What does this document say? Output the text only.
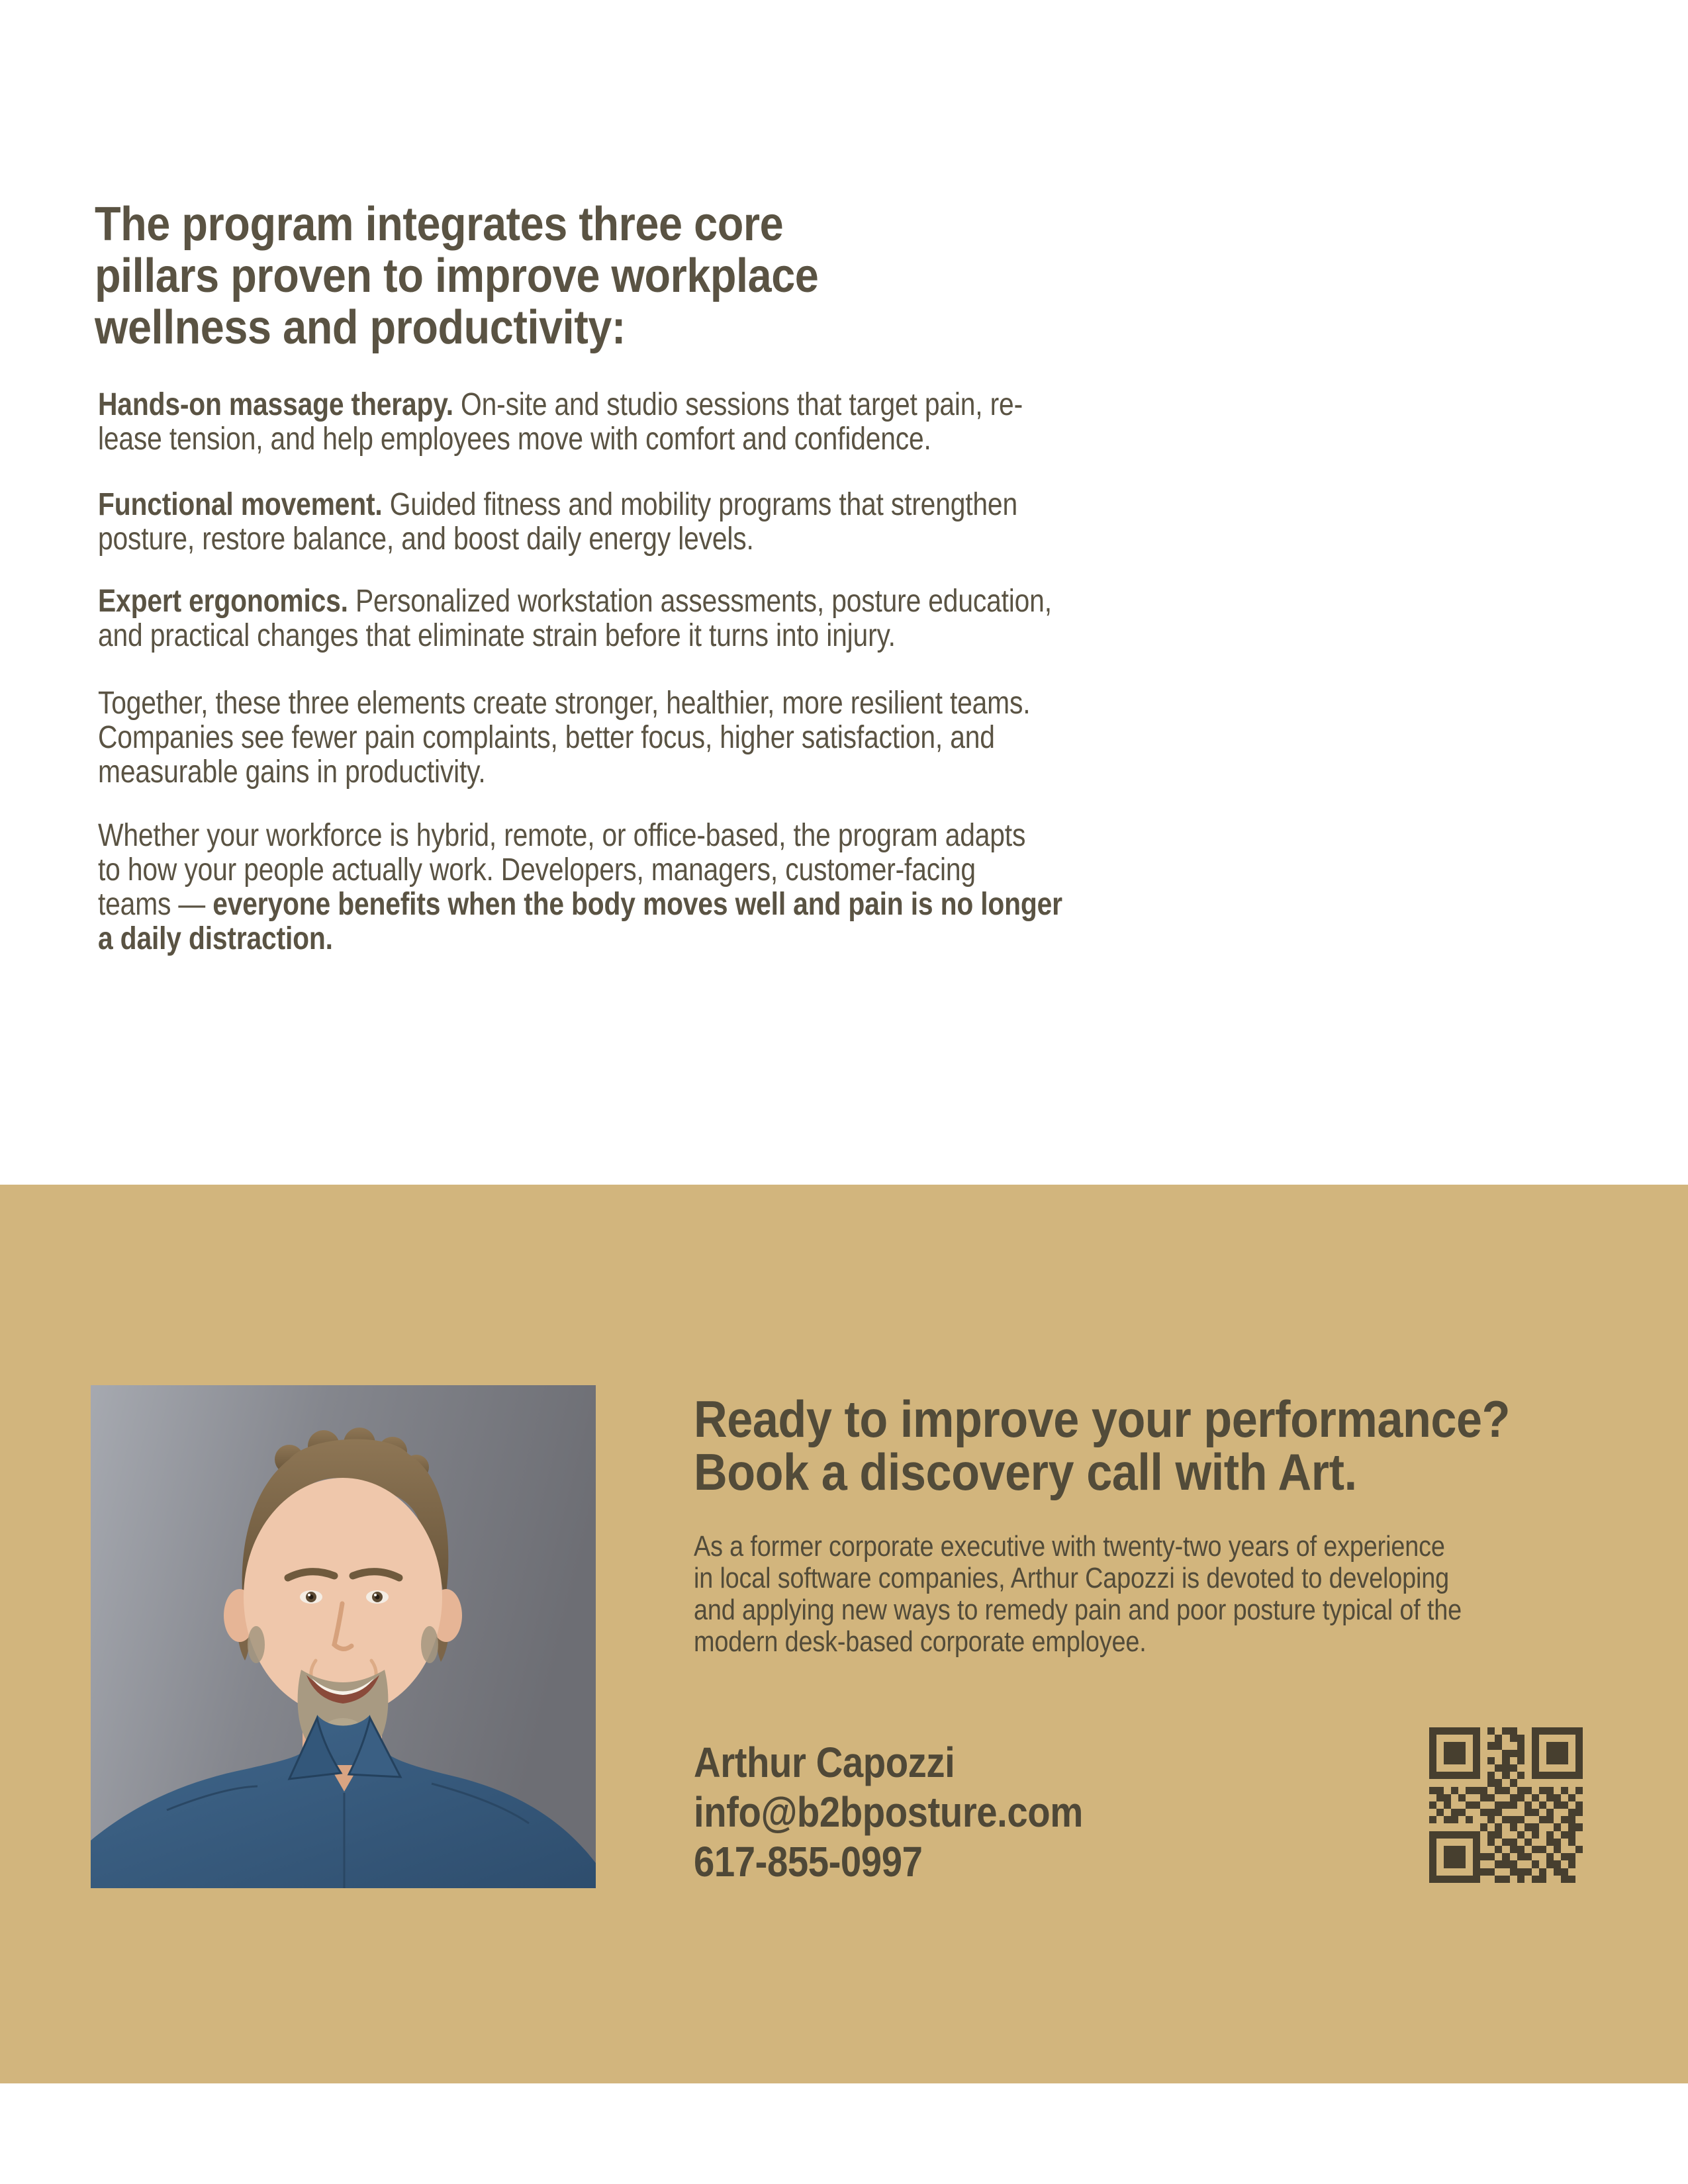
The program integrates three core
pillars proven to improve workplace
wellness and productivity:
Hands-on massage therapy. On-site and studio sessions that target pain, re-
lease tension, and help employees move with comfort and confidence.
Functional movement. Guided fitness and mobility programs that strengthen
posture, restore balance, and boost daily energy levels.
Expert ergonomics. Personalized workstation assessments, posture education,
and practical changes that eliminate strain before it turns into injury.
Together, these three elements create stronger, healthier, more resilient teams.
Companies see fewer pain complaints, better focus, higher satisfaction, and
measurable gains in productivity.
Whether your workforce is hybrid, remote, or office-based, the program adapts
to how your people actually work. Developers, managers, customer-facing
teams — everyone benefits when the body moves well and pain is no longer
a daily distraction.
Ready to improve your performance?
Book a discovery call with Art.
As a former corporate executive with twenty-two years of experience
in local software companies, Arthur Capozzi is devoted to developing
and applying new ways to remedy pain and poor posture typical of the
modern desk-based corporate employee.
Arthur Capozzi
info@b2bposture.com
617-855-0997
